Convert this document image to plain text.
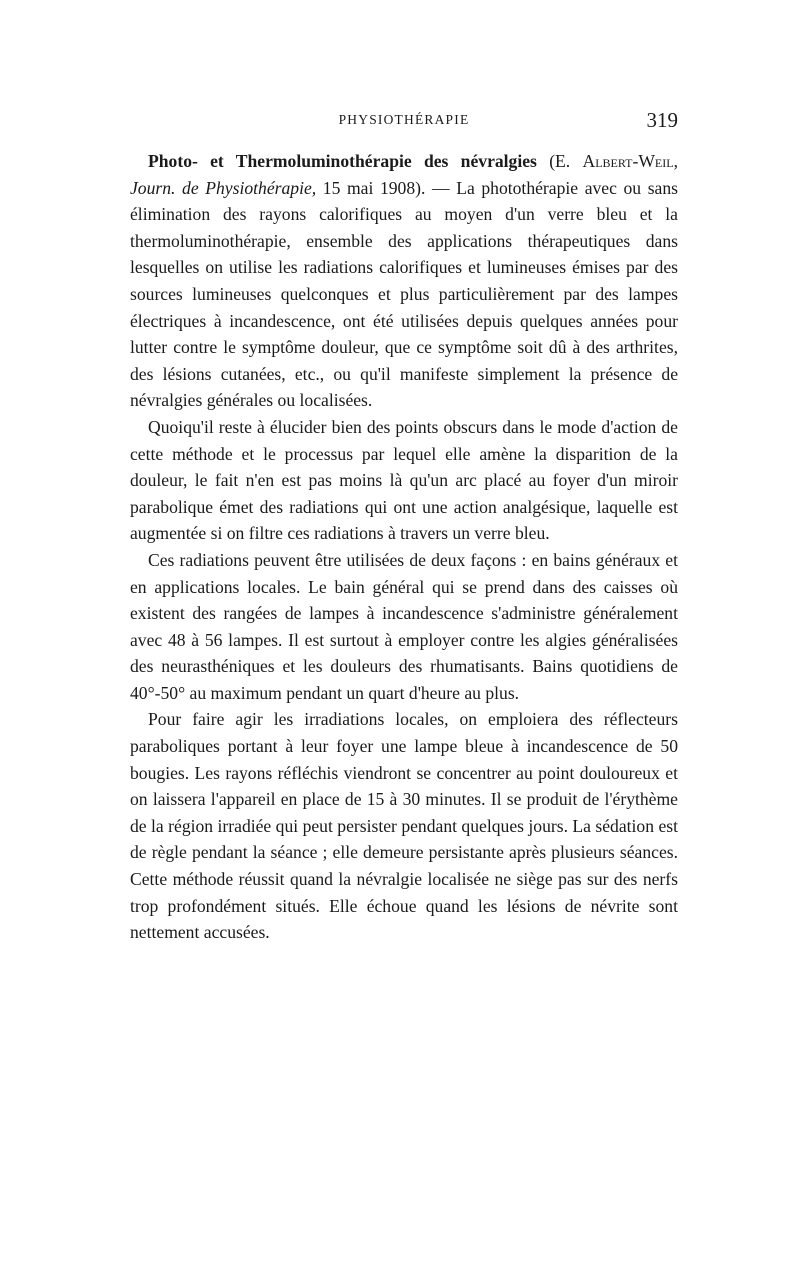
PHYSIOTHÉRAPIE	319

Photo- et Thermoluminothérapie des névralgies (E. Albert-Weil, Journ. de Physiothérapie, 15 mai 1908). — La photothérapie avec ou sans élimination des rayons calorifiques au moyen d'un verre bleu et la thermoluminothérapie, ensemble des applications thérapeutiques dans lesquelles on utilise les radiations calorifiques et lumineuses émises par des sources lumineuses quelconques et plus particulièrement par des lampes électriques à incandescence, ont été utilisées depuis quelques années pour lutter contre le symptôme douleur, que ce symptôme soit dû à des arthrites, des lésions cutanées, etc., ou qu'il manifeste simplement la présence de névralgies générales ou localisées.

Quoiqu'il reste à élucider bien des points obscurs dans le mode d'action de cette méthode et le processus par lequel elle amène la disparition de la douleur, le fait n'en est pas moins là qu'un arc placé au foyer d'un miroir parabolique émet des radiations qui ont une action analgésique, laquelle est augmentée si on filtre ces radiations à travers un verre bleu.

Ces radiations peuvent être utilisées de deux façons : en bains généraux et en applications locales. Le bain général qui se prend dans des caisses où existent des rangées de lampes à incandescence s'administre généralement avec 48 à 56 lampes. Il est surtout à employer contre les algies généralisées des neurasthéniques et les douleurs des rhumatisants. Bains quotidiens de 40°-50° au maximum pendant un quart d'heure au plus.

Pour faire agir les irradiations locales, on emploiera des réflecteurs paraboliques portant à leur foyer une lampe bleue à incandescence de 50 bougies. Les rayons réfléchis viendront se concentrer au point douloureux et on laissera l'appareil en place de 15 à 30 minutes. Il se produit de l'érythème de la région irradiée qui peut persister pendant quelques jours. La sédation est de règle pendant la séance ; elle demeure persistante après plusieurs séances. Cette méthode réussit quand la névralgie localisée ne siège pas sur des nerfs trop profondément situés. Elle échoue quand les lésions de névrite sont nettement accusées.
